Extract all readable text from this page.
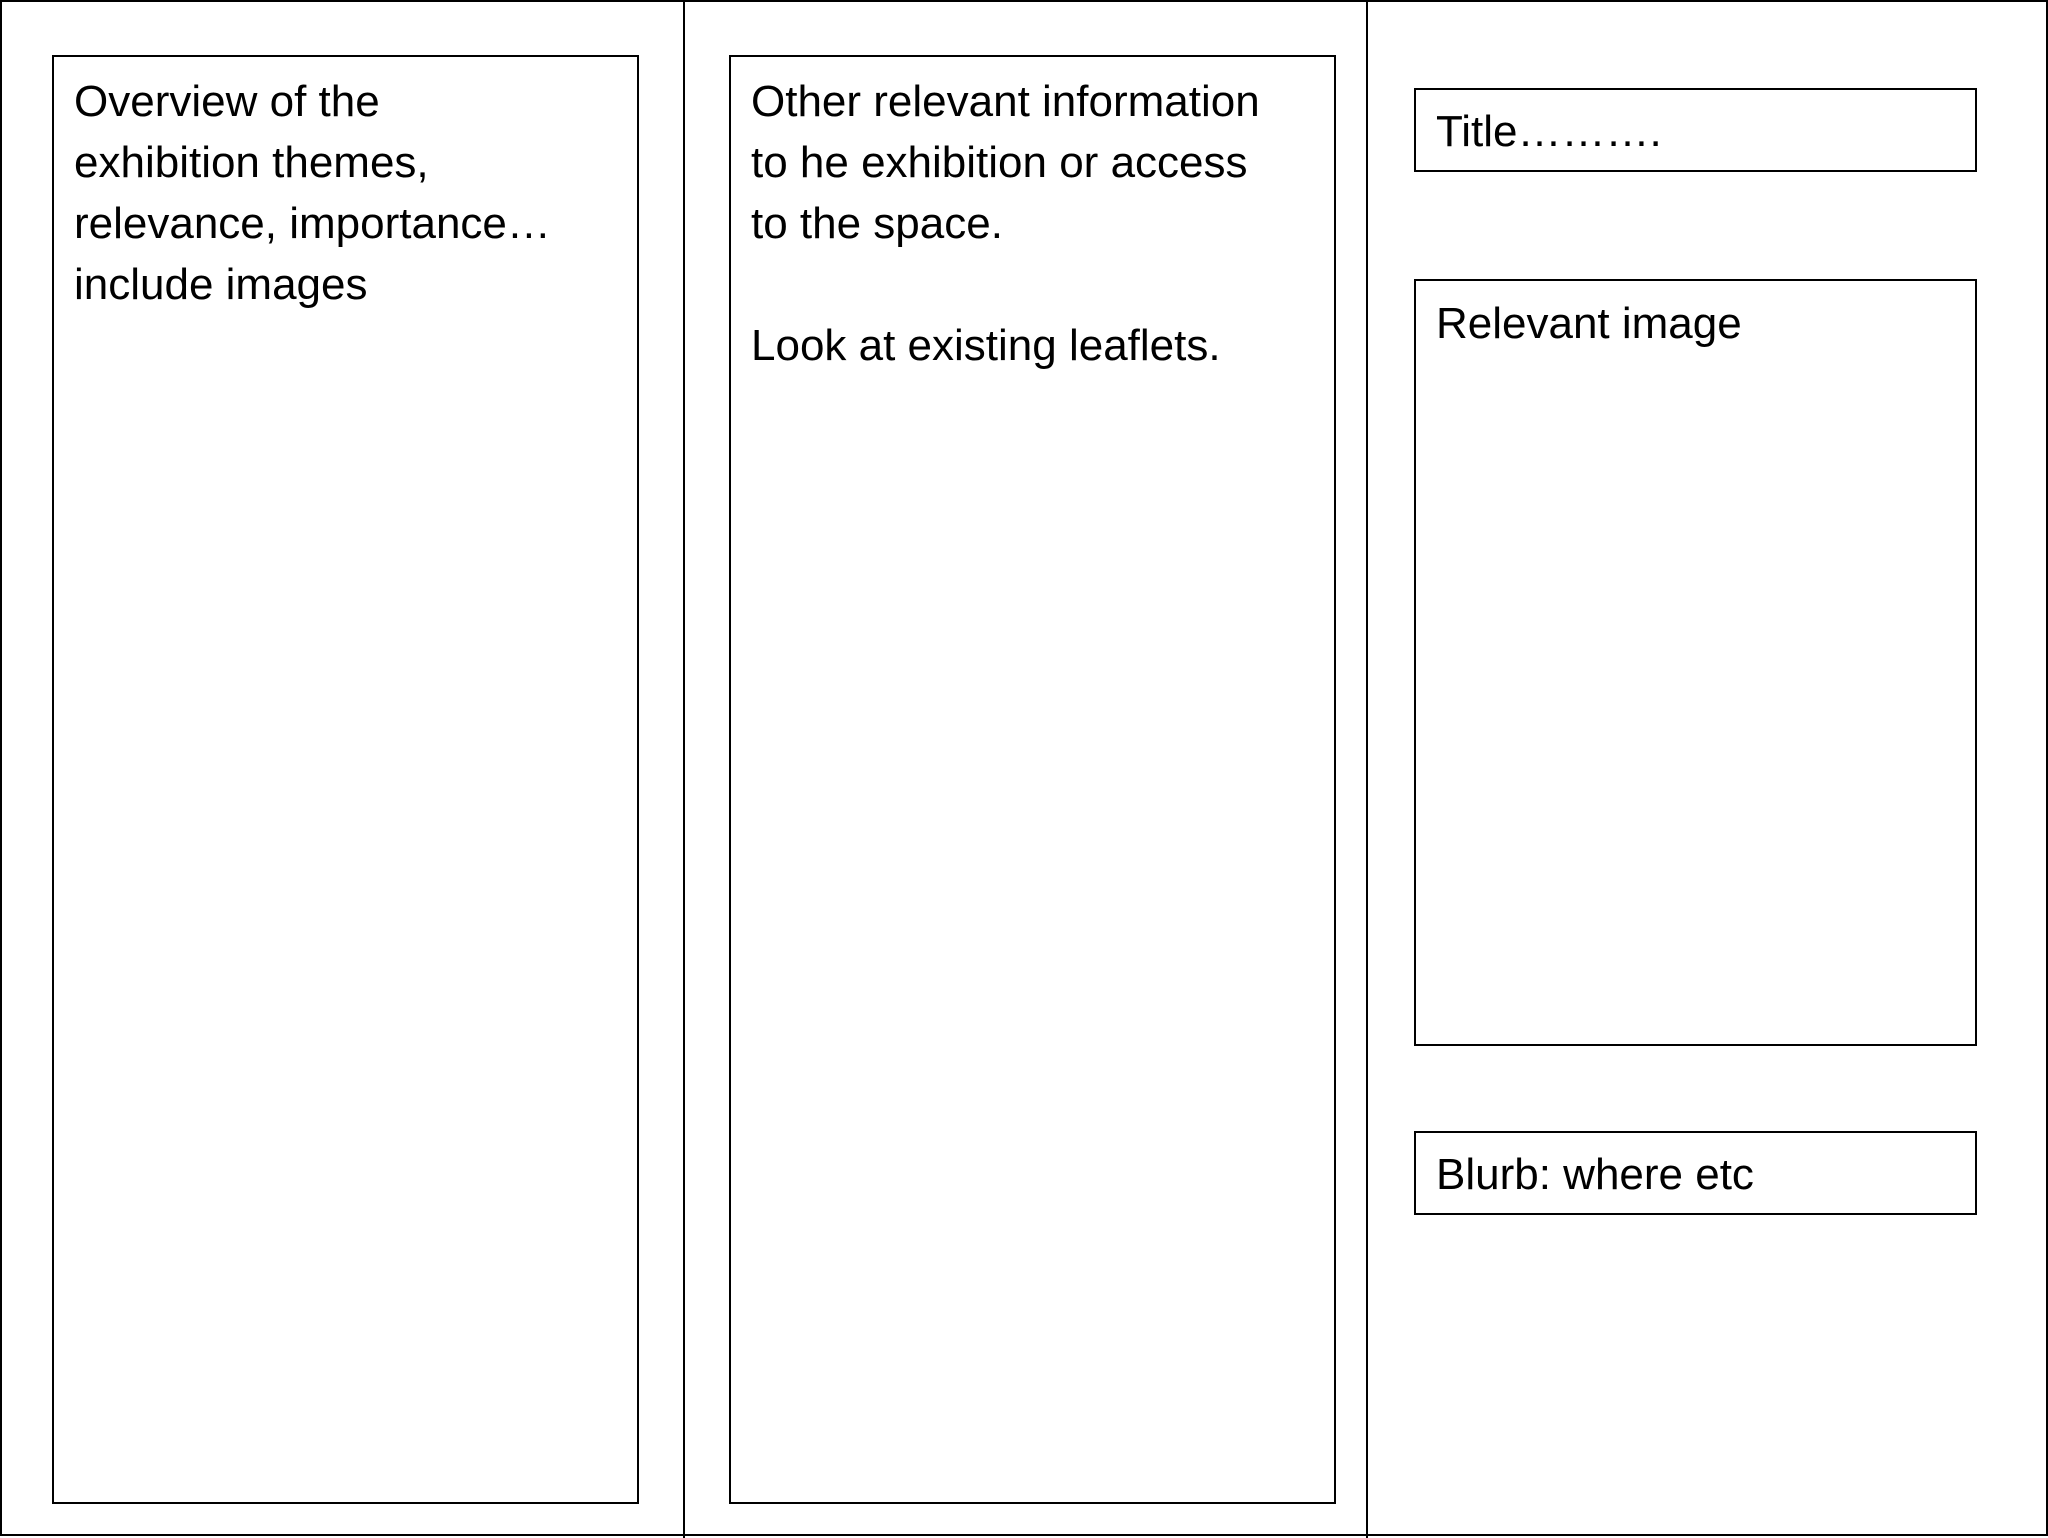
Overview of the
exhibition themes,
relevance, importance…
include images
Other relevant information
to he exhibition or access
to the space.

Look at existing leaflets.
Title……….
Relevant image
Blurb: where etc
